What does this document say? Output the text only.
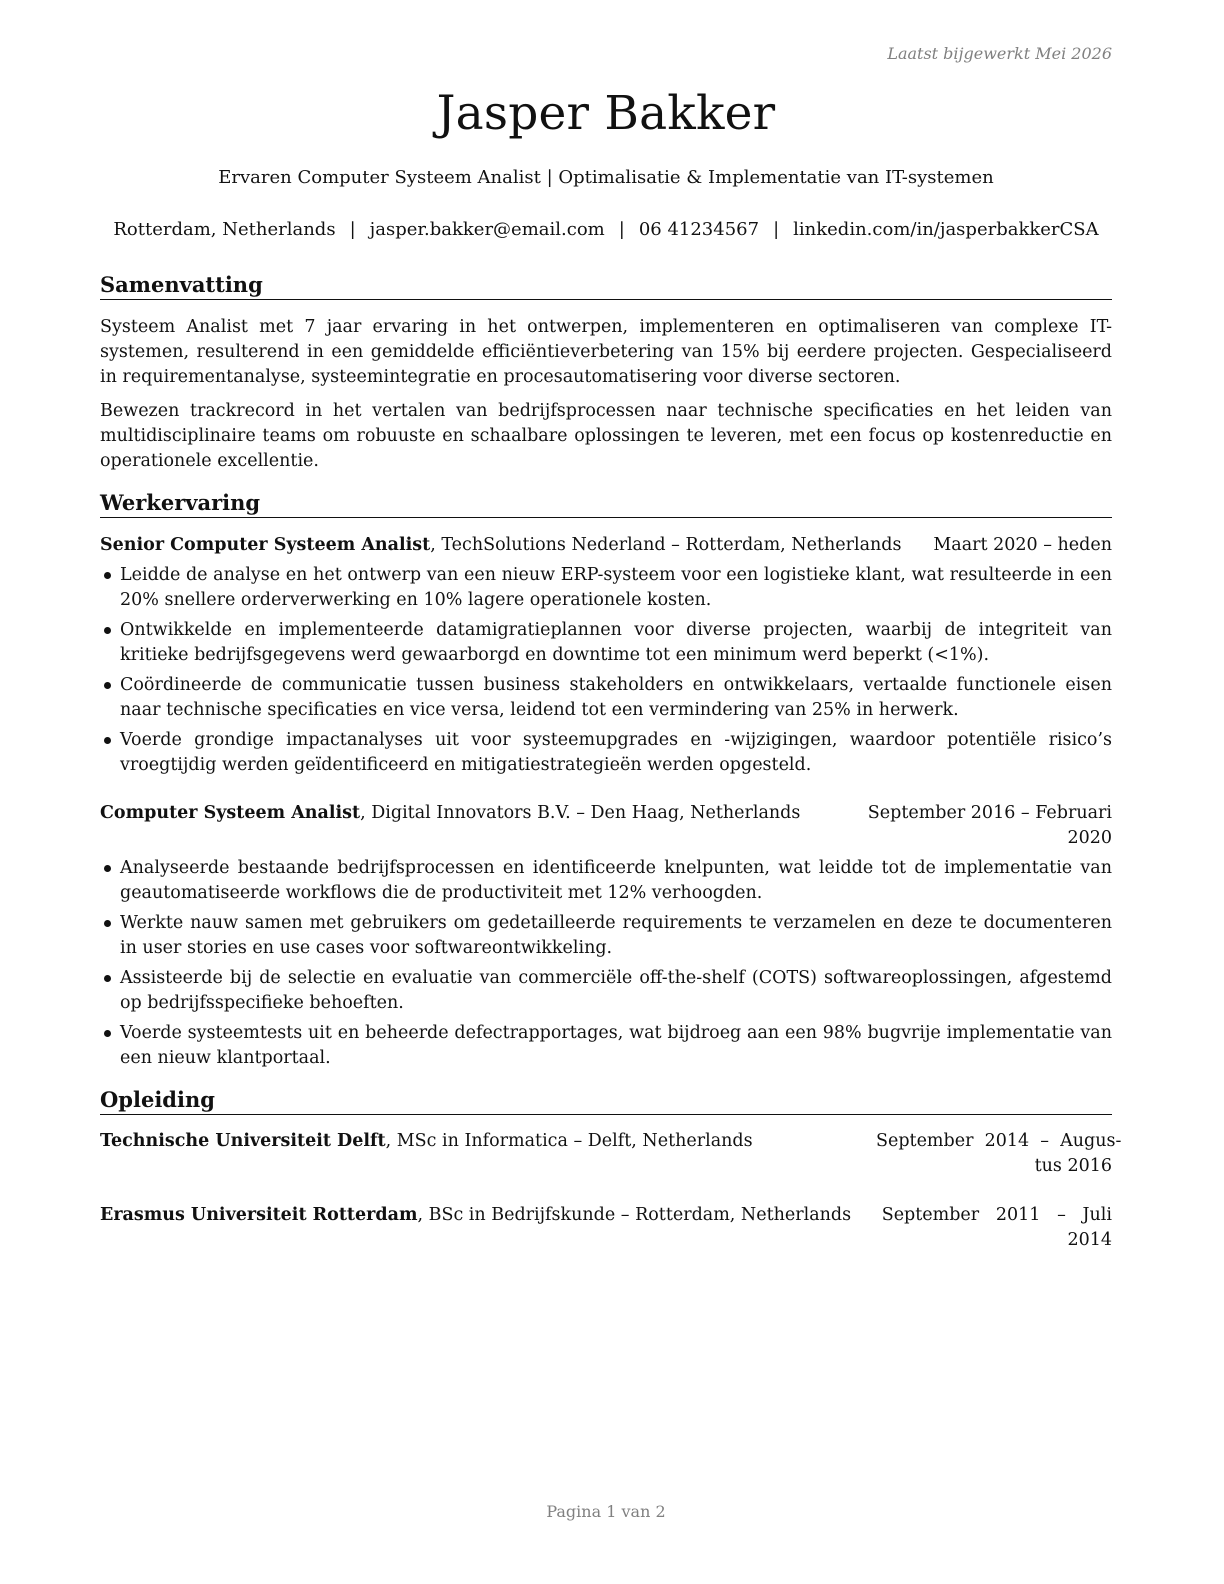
Laatst bijgewerkt Mei 2026
Jasper Bakker
Ervaren Computer Systeem Analist | Optimalisatie & Implementatie van IT-systemen
Rotterdam, Netherlands | jasper.bakker@email.com | 06 41234567 | linkedin.com/in/jasperbakkerCSA
Samenvatting

Systeem Analist met 7 jaar ervaring in het ontwerpen, implementeren en optimaliseren van complexe IT-systemen, resulterend in een gemiddelde efficiëntieverbetering van 15% bij eerdere projecten. Gespecialiseerd in requirementanalyse, systeemintegratie en procesautomatisering voor diverse sectoren.

Bewezen trackrecord in het vertalen van bedrijfsprocessen naar technische specificaties en het leiden van multidisciplinaire teams om robuuste en schaalbare oplossingen te leveren, met een focus op kostenreductie en operationele excellentie.

Werkervaring
Senior Computer Systeem Analist, TechSolutions Nederland – Rotterdam, Netherlands	Maart 2020 – heden
Leidde de analyse en het ontwerp van een nieuw ERP-systeem voor een logistieke klant, wat resulteerde in een 20% snellere orderverwerking en 10% lagere operationele kosten.
Ontwikkelde en implementeerde datamigratieplannen voor diverse projecten, waarbij de integriteit van kritieke bedrijfsgegevens werd gewaarborgd en downtime tot een minimum werd beperkt (<1%).
Coördineerde de communicatie tussen business stakeholders en ontwikkelaars, vertaalde functionele eisen naar technische specificaties en vice versa, leidend tot een vermindering van 25% in herwerk.
Voerde grondige impactanalyses uit voor systeemupgrades en -wijzigingen, waardoor potentiële risico’s vroegtijdig werden geïdentificeerd en mitigatiestrategieën werden opgesteld.
Computer Systeem Analist, Digital Innovators B.V. – Den Haag, Netherlands	September 2016 – Februari
2020
Analyseerde bestaande bedrijfsprocessen en identificeerde knelpunten, wat leidde tot de implementatie van geautomatiseerde workflows die de productiviteit met 12% verhoogden.
Werkte nauw samen met gebruikers om gedetailleerde requirements te verzamelen en deze te documenteren in user stories en use cases voor softwareontwikkeling.
Assisteerde bij de selectie en evaluatie van commerciële off-the-shelf (COTS) softwareoplossingen, afgestemd op bedrijfsspecifieke behoeften.
Voerde systeemtests uit en beheerde defectrapportages, wat bijdroeg aan een 98% bugvrije implementatie van een nieuw klantportaal.
Opleiding
Technische Universiteit Delft, MSc in Informatica – Delft, Netherlands	September  2014  –  Augus-
tus 2016
Erasmus Universiteit Rotterdam, BSc in Bedrijfskunde – Rotterdam, Netherlands	September   2011   –   Juli
2014
Pagina 1 van 2
